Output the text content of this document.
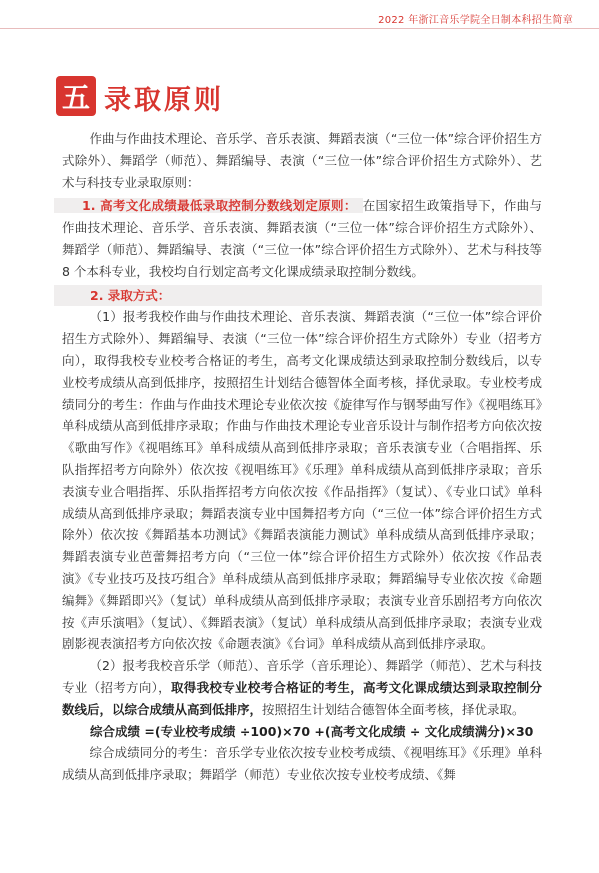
2022 年浙江音乐学院全日制本科招生简章
五 录取原则

作曲与作曲技术理论、音乐学、音乐表演、舞蹈表演（“三位一体”综合评价招生方式除外）、舞蹈学（师范）、舞蹈编导、表演（“三位一体”综合评价招生方式除外）、艺术与科技专业录取原则：

1. 高考文化成绩最低录取控制分数线划定原则： 在国家招生政策指导下，作曲与作曲技术理论、音乐学、音乐表演、舞蹈表演（“三位一体”综合评价招生方式除外）、舞蹈学（师范）、舞蹈编导、表演（“三位一体”综合评价招生方式除外）、艺术与科技等 8 个本科专业，我校均自行划定高考文化课成绩录取控制分数线。

2. 录取方式：

（1）报考我校作曲与作曲技术理论、音乐表演、舞蹈表演（“三位一体”综合评价招生方式除外）、舞蹈编导、表演（“三位一体”综合评价招生方式除外）专业（招考方向），取得我校专业校考合格证的考生，高考文化课成绩达到录取控制分数线后，以专业校考成绩从高到低排序，按照招生计划结合德智体全面考核，择优录取。专业校考成绩同分的考生：作曲与作曲技术理论专业依次按《旋律写作与钢琴曲写作》《视唱练耳》单科成绩从高到低排序录取；作曲与作曲技术理论专业音乐设计与制作招考方向依次按《歌曲写作》《视唱练耳》单科成绩从高到低排序录取；音乐表演专业（合唱指挥、乐队指挥招考方向除外）依次按《视唱练耳》《乐理》单科成绩从高到低排序录取；音乐表演专业合唱指挥、乐队指挥招考方向依次按《作品指挥》（复试）、《专业口试》单科成绩从高到低排序录取；舞蹈表演专业中国舞招考方向（“三位一体”综合评价招生方式除外）依次按《舞蹈基本功测试》《舞蹈表演能力测试》单科成绩从高到低排序录取；舞蹈表演专业芭蕾舞招考方向（“三位一体”综合评价招生方式除外）依次按《作品表演》《专业技巧及技巧组合》单科成绩从高到低排序录取；舞蹈编导专业依次按《命题编舞》《舞蹈即兴》（复试）单科成绩从高到低排序录取；表演专业音乐剧招考方向依次按《声乐演唱》（复试）、《舞蹈表演》（复试）单科成绩从高到低排序录取；表演专业戏剧影视表演招考方向依次按《命题表演》《台词》单科成绩从高到低排序录取。

（2）报考我校音乐学（师范）、音乐学（音乐理论）、舞蹈学（师范）、艺术与科技专业（招考方向），取得我校专业校考合格证的考生，高考文化课成绩达到录取控制分数线后，以综合成绩从高到低排序，按照招生计划结合德智体全面考核，择优录取。

综合成绩 =(专业校考成绩 ÷100)×70 +(高考文化成绩 ÷ 文化成绩满分)×30

综合成绩同分的考生：音乐学专业依次按专业校考成绩、《视唱练耳》《乐理》单科成绩从高到低排序录取；舞蹈学（师范）专业依次按专业校考成绩、《舞
